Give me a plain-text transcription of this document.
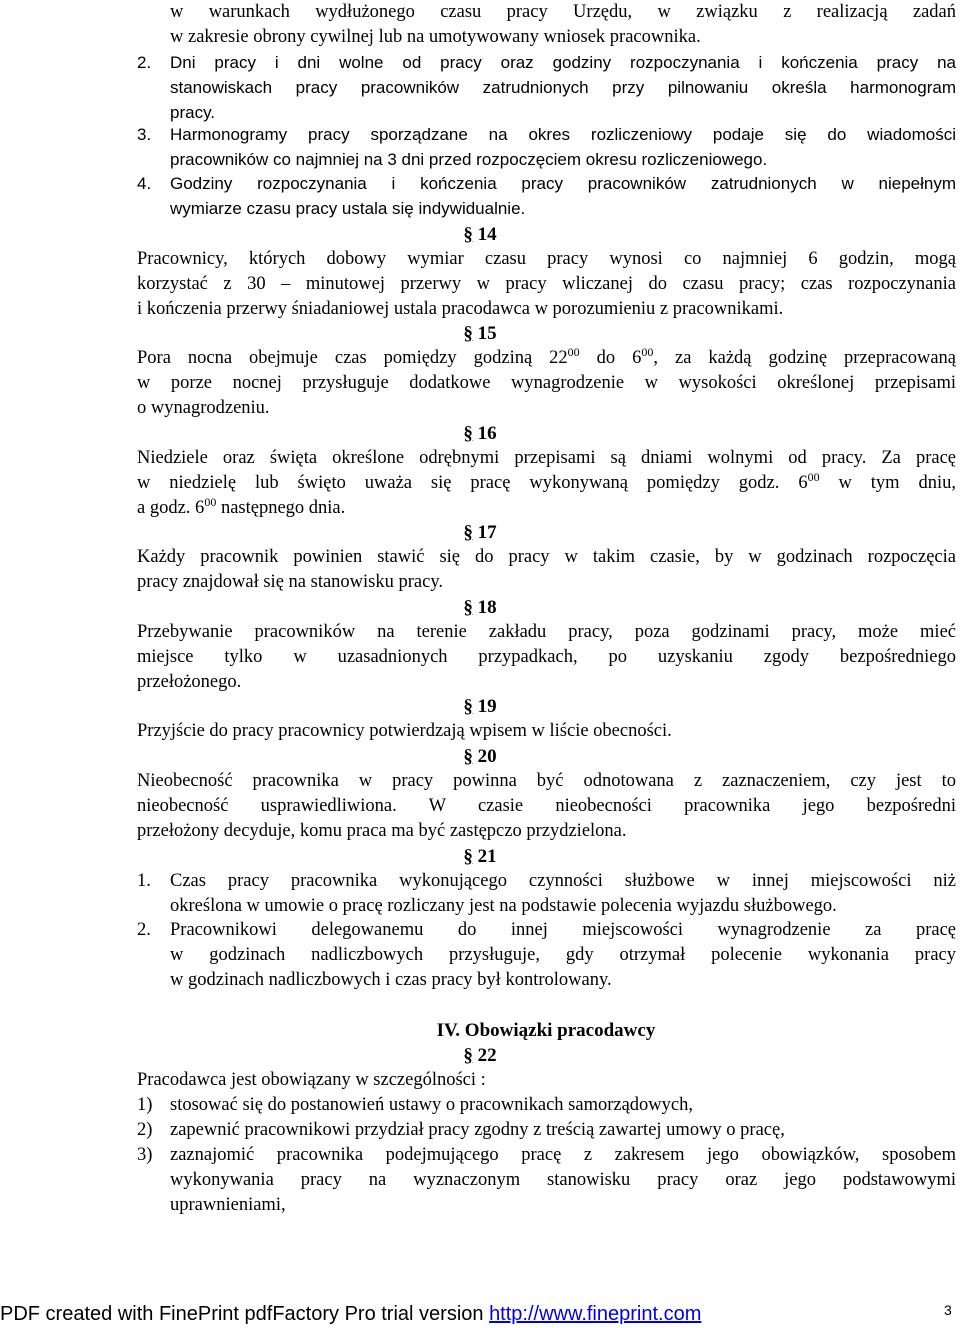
w warunkach wydłużonego czasu pracy Urzędu, w związku z realizacją zadań
w zakresie obrony cywilnej lub na umotywowany wniosek pracownika.
2. Dni pracy i dni wolne od pracy oraz godziny rozpoczynania i kończenia pracy na
stanowiskach pracy pracowników zatrudnionych przy pilnowaniu określa harmonogram
pracy.
3. Harmonogramy pracy sporządzane na okres rozliczeniowy podaje się do wiadomości
pracowników co najmniej na 3 dni przed rozpoczęciem okresu rozliczeniowego.
4. Godziny rozpoczynania i kończenia pracy pracowników zatrudnionych w niepełnym
wymiarze czasu pracy ustala się indywidualnie.
§ 14
Pracownicy, których dobowy wymiar czasu pracy wynosi co najmniej 6 godzin, mogą
korzystać z 30 – minutowej przerwy w pracy wliczanej do czasu pracy; czas rozpoczynania
i kończenia przerwy śniadaniowej ustala pracodawca w porozumieniu z pracownikami.
§ 15
Pora nocna obejmuje czas pomiędzy godziną $22^{00}$ do $6^{00}$, za każdą godzinę przepracowaną
w porze nocnej przysługuje dodatkowe wynagrodzenie w wysokości określonej przepisami
o wynagrodzeniu.
§ 16
Niedziele oraz święta określone odrębnymi przepisami są dniami wolnymi od pracy. Za pracę
w niedzielę lub święto uważa się pracę wykonywaną pomiędzy godz. $6^{00}$ w tym dniu,
a godz. $6^{00}$ następnego dnia.
§ 17
Każdy pracownik powinien stawić się do pracy w takim czasie, by w godzinach rozpoczęcia
pracy znajdował się na stanowisku pracy.
§ 18
Przebywanie pracowników na terenie zakładu pracy, poza godzinami pracy, może mieć
miejsce tylko w uzasadnionych przypadkach, po uzyskaniu zgody bezpośredniego
przełożonego.
§ 19
Przyjście do pracy pracownicy potwierdzają wpisem w liście obecności.
§ 20
Nieobecność pracownika w pracy powinna być odnotowana z zaznaczeniem, czy jest to
nieobecność usprawiedliwiona. W czasie nieobecności pracownika jego bezpośredni
przełożony decyduje, komu praca ma być zastępczo przydzielona.
§ 21
1. Czas pracy pracownika wykonującego czynności służbowe w innej miejscowości niż
określona w umowie o pracę rozliczany jest na podstawie polecenia wyjazdu służbowego.
2. Pracownikowi delegowanemu do innej miejscowości wynagrodzenie za pracę
w godzinach nadliczbowych przysługuje, gdy otrzymał polecenie wykonania pracy
w godzinach nadliczbowych i czas pracy był kontrolowany.
IV. Obowiązki pracodawcy
§ 22
Pracodawca jest obowiązany w szczególności :
1) stosować się do postanowień ustawy o pracownikach samorządowych,
2) zapewnić pracownikowi przydział pracy zgodny z treścią zawartej umowy o pracę,
3) zaznajomić pracownika podejmującego pracę z zakresem jego obowiązków, sposobem
wykonywania pracy na wyznaczonym stanowisku pracy oraz jego podstawowymi
uprawnieniami,
PDF created with FinePrint pdfFactory Pro trial version http://www.fineprint.com	3
